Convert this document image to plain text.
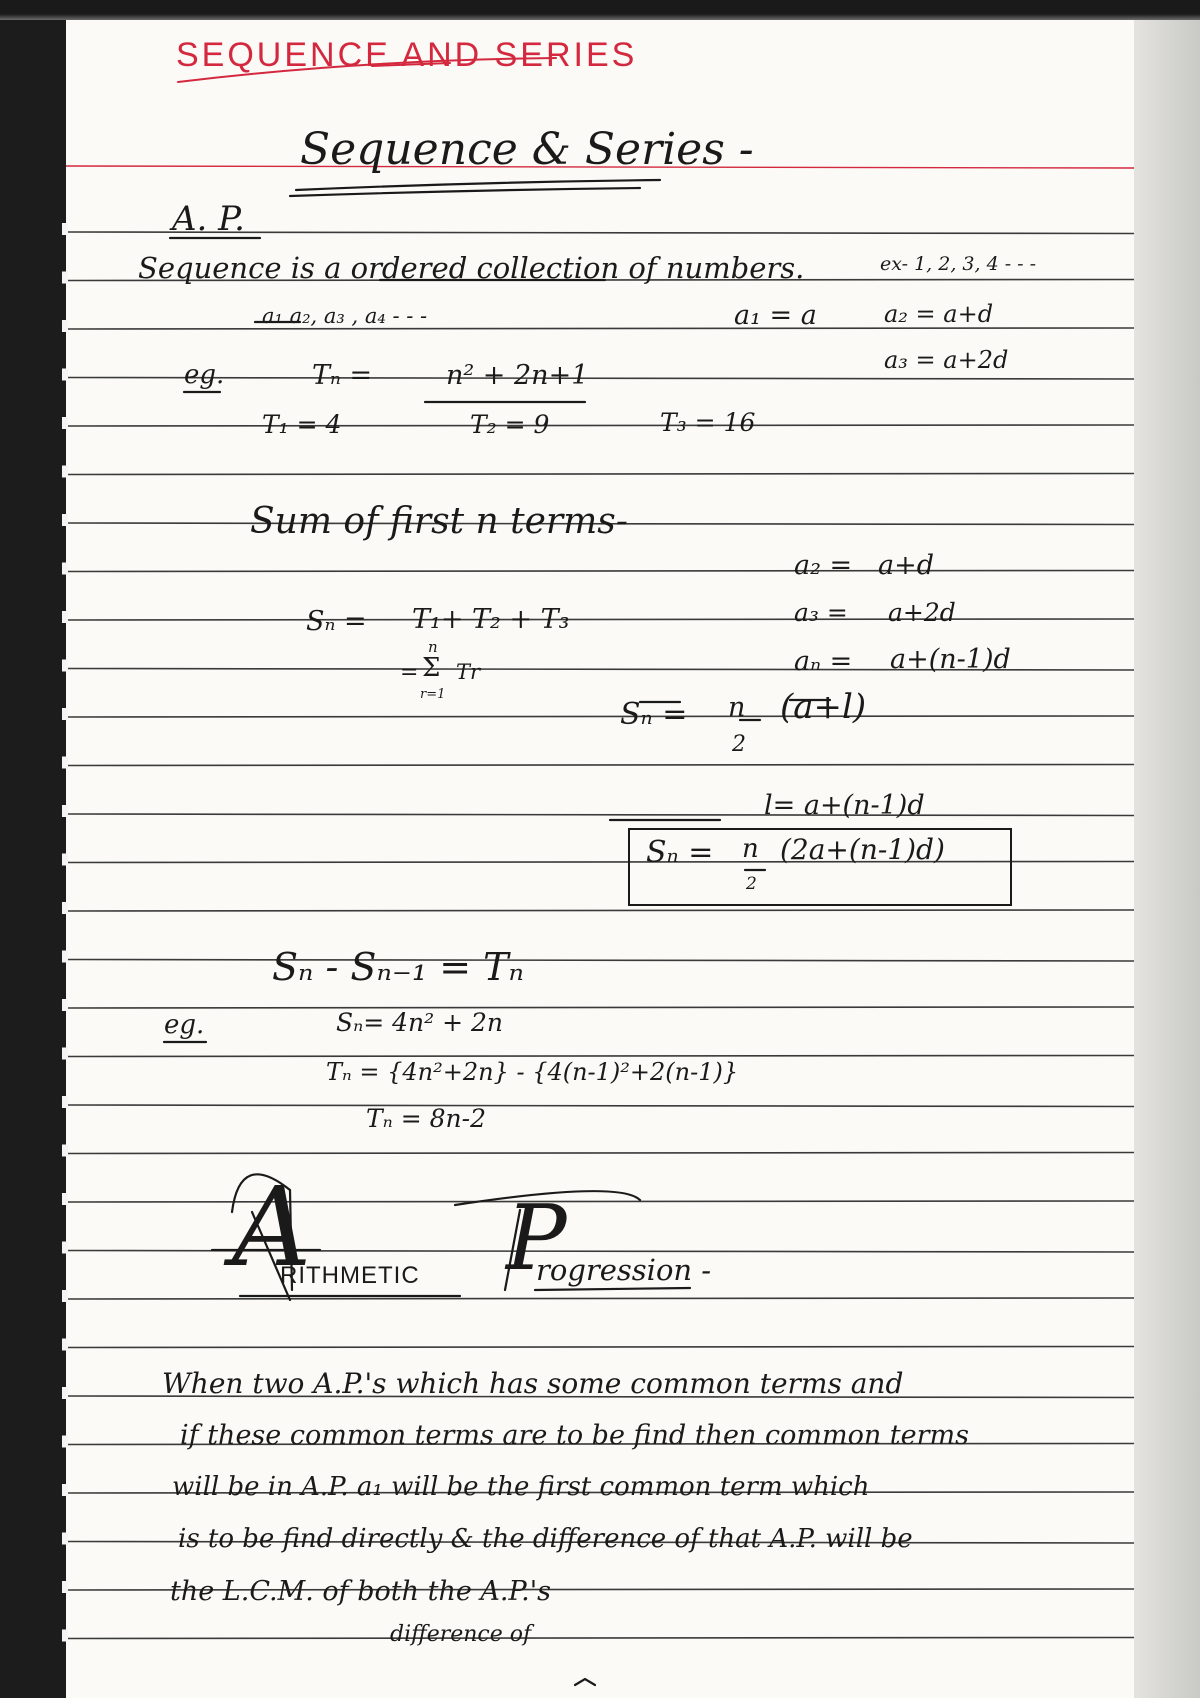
SEQUENCE AND SERIES
Sequence & Series -
A. P.
Sequence is a ordered collection of numbers.	ex- 1, 2, 3, 4 - - -
a₁ a₂, a₃ , a₄ - - -	a₁ = a	a₂ = a+d
a₃ = a+2d
eg.	Tₙ =	n² + 2n+1
T₁ = 4	T₂ = 9	T₃ = 16
Sum of first n terms-
a₂ = a+d
Sₙ = T₁+ T₂ + T₃	a₃ = a+2d
=
n
Σ
r=1
Tr	aₙ = a+(n-1)d
Sₙ = n
2
(a+l)
l= a+(n-1)d
Sₙ = n
2
(2a+(n-1)d)
Sₙ - Sₙ₋₁ = Tₙ
eg.	Sₙ= 4n² + 2n
Tₙ = {4n²+2n} - {4(n-1)²+2(n-1)}
Tₙ = 8n-2
A
RITHMETIC P
rogression -
When two A.P.'s which has some common terms and
if these common terms are to be find then common terms
will be in A.P. a₁ will be the first common term which
is to be find directly & the difference of that A.P. will be
the L.C.M. of both the A.P.'s
difference of
